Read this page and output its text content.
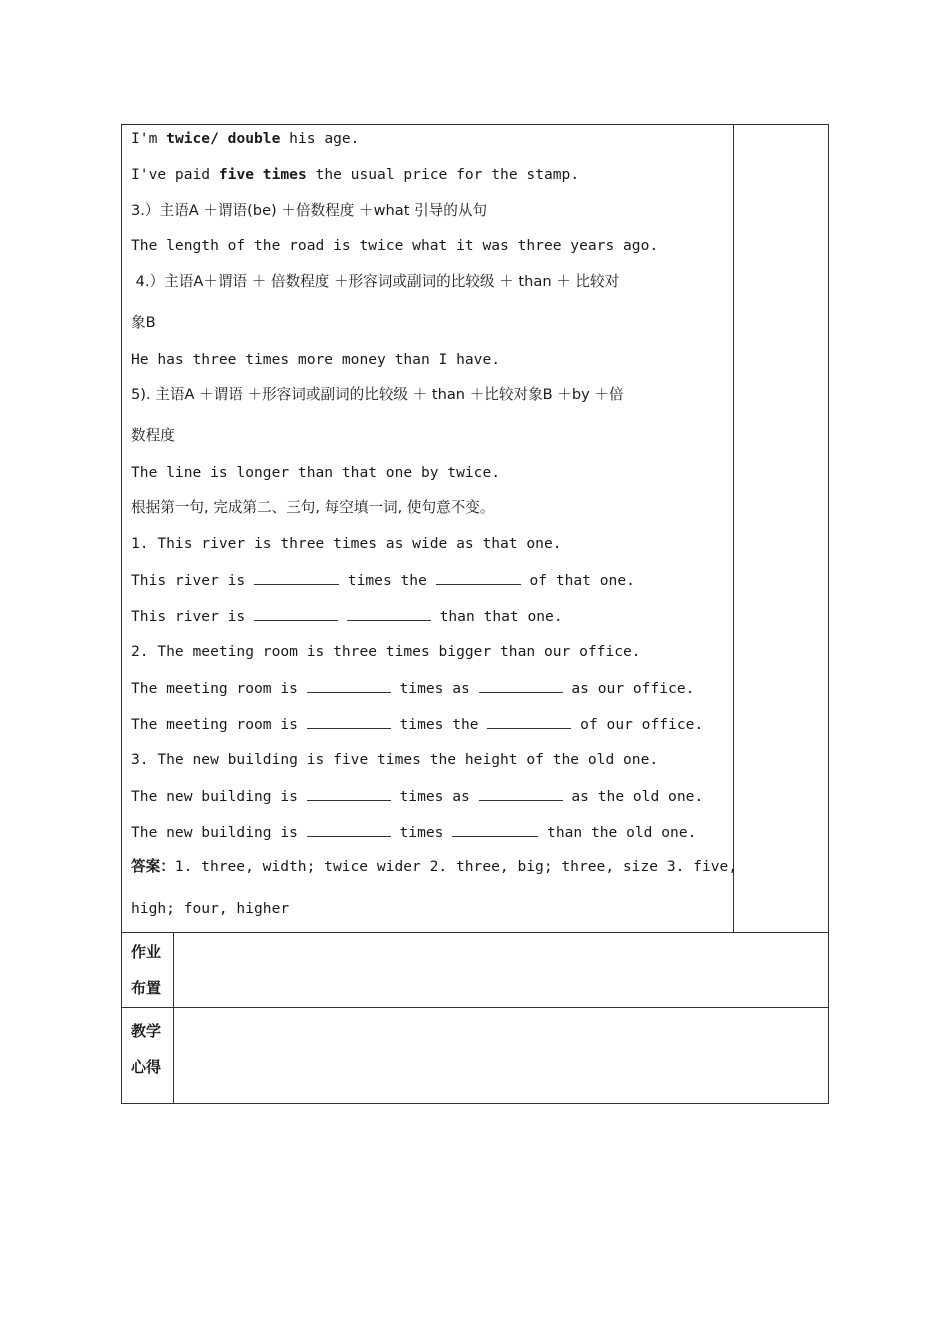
I'm twice/ double his age.
I've paid five times the usual price for the stamp.
3.）主语A ＋谓语(be) ＋倍数程度 ＋what 引导的从句
The length of the road is twice what it was three years ago.
4.）主语A＋谓语 ＋ 倍数程度 ＋形容词或副词的比较级 ＋ than ＋ 比较对
象B
He has three times more money than I have.
5). 主语A ＋谓语 ＋形容词或副词的比较级 ＋ than ＋比较对象B ＋by ＋倍
数程度
The line is longer than that one by twice.
根据第一句, 完成第二、三句, 每空填一词, 使句意不变。
1. This river is three times as wide as that one.
This river is	times the	of that one.
This river is	than that one.
2. The meeting room is three times bigger than our office.
The meeting room is	times as	as our office.
The meeting room is	times the	of our office.
3. The new building is five times the height of the old one.
The new building is	times as	as the old one.
The new building is	times	than the old one.
答案：1. three, width; twice wider 2. three, big; three, size 3. five,
high; four, higher
作业
布置
教学
心得
